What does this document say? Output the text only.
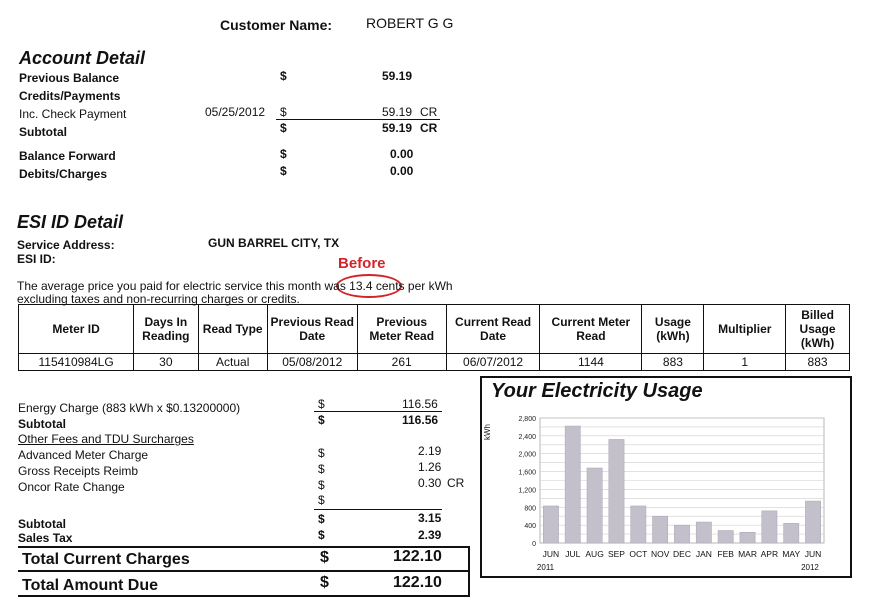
Customer Name: ROBERT G G
Account Detail
Previous Balance	$	59.19
Credits/Payments
Inc. Check Payment	05/25/2012 $	59.19 CR
Subtotal	$	59.19 CR
Balance Forward	$	0.00
Debits/Charges	$	0.00
ESI ID Detail
Service Address:	GUN BARREL CITY, TX
ESI ID:	Before
The average price you paid for electric service this month was 13.4 cents per kWh
excluding taxes and non-recurring charges or credits.
Meter ID	Days In Reading	Read Type	Previous Read Date	Previous Meter Read	Current Read Date	Current Meter Read	Usage (kWh)	Multiplier	Billed Usage (kWh)
115410984LG	30	Actual	05/08/2012	261	06/07/2012	1144	883	1	883
Energy Charge (883 kWh x $0.13200000)	$	116.56
Subtotal	$	116.56
Other Fees and TDU Surcharges
Advanced Meter Charge	$	2.19
Gross Receipts Reimb	$	1.26
Oncor Rate Change	$	0.30 CR
$
Subtotal	$	3.15
Sales Tax	$	2.39
Total Current Charges	$	122.10
Total Amount Due	$	122.10
Your Electricity Usage
0
400
800
1,200
1,600
2,000
2,400
2,800
kWh
JUN JUL AUG SEP OCT NOV DEC JAN FEB MAR APR MAY JUN
2011	2012
